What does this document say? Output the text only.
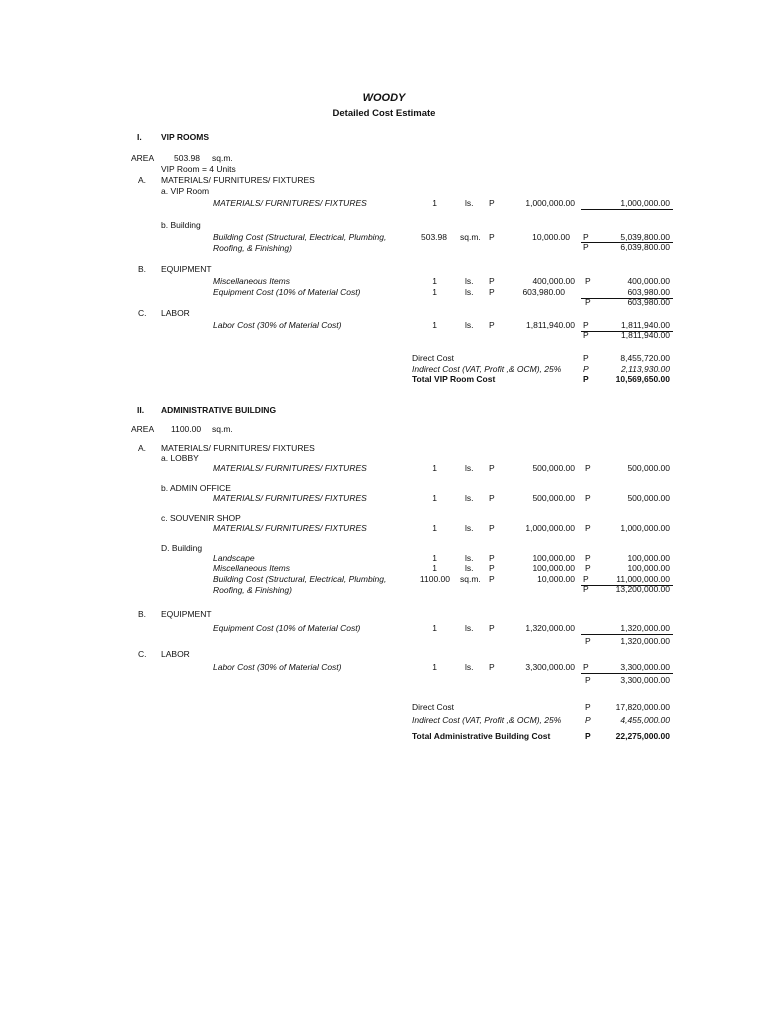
WOODY
Detailed Cost Estimate
I. VIP ROOMS
AREA 503.98 sq.m.
VIP Room = 4 Units
A. MATERIALS/ FURNITURES/ FIXTURES
a. VIP Room
MATERIALS/ FURNITURES/ FIXTURES	1	ls. P	1,000,000.00	1,000,000.00
b. Building
Building Cost (Structural, Electrical, Plumbing,
Roofing, & Finishing)
503.98 sq.m. P	10,000.00 P	5,039,800.00
P	6,039,800.00
B. EQUIPMENT
Miscellaneous Items	1	ls. P	400,000.00 P	400,000.00
Equipment Cost (10% of Material Cost)	1	ls. P	603,980.00	603,980.00
P	603,980.00
C. LABOR
Labor Cost (30% of Material Cost)	1	ls. P	1,811,940.00 P	1,811,940.00
P	1,811,940.00
Direct Cost	P	8,455,720.00
Indirect Cost (VAT, Profit ,& OCM), 25%	P	2,113,930.00
Total VIP Room Cost	P	10,569,650.00
II. ADMINISTRATIVE BUILDING
AREA 1100.00 sq.m.
A. MATERIALS/ FURNITURES/ FIXTURES
a. LOBBY
MATERIALS/ FURNITURES/ FIXTURES	1	ls. P	500,000.00 P	500,000.00
b. ADMIN OFFICE
MATERIALS/ FURNITURES/ FIXTURES	1	ls. P	500,000.00 P	500,000.00
c. SOUVENIR SHOP
MATERIALS/ FURNITURES/ FIXTURES	1	ls. P	1,000,000.00 P	1,000,000.00
D. Building
Landscape	1	ls. P	100,000.00 P	100,000.00
Miscellaneous Items	1	ls. P	100,000.00 P	100,000.00
Building Cost (Structural, Electrical, Plumbing,
Roofing, & Finishing)
1100.00 sq.m. P	10,000.00 P	11,000,000.00
P	13,200,000.00
B. EQUIPMENT
Equipment Cost (10% of Material Cost)	1	ls. P	1,320,000.00	1,320,000.00
P	1,320,000.00
C. LABOR
Labor Cost (30% of Material Cost)	1	ls. P	3,300,000.00 P	3,300,000.00
P	3,300,000.00
Direct Cost	P	17,820,000.00
Indirect Cost (VAT, Profit ,& OCM), 25%	P	4,455,000.00
Total Administrative Building Cost	P	22,275,000.00
